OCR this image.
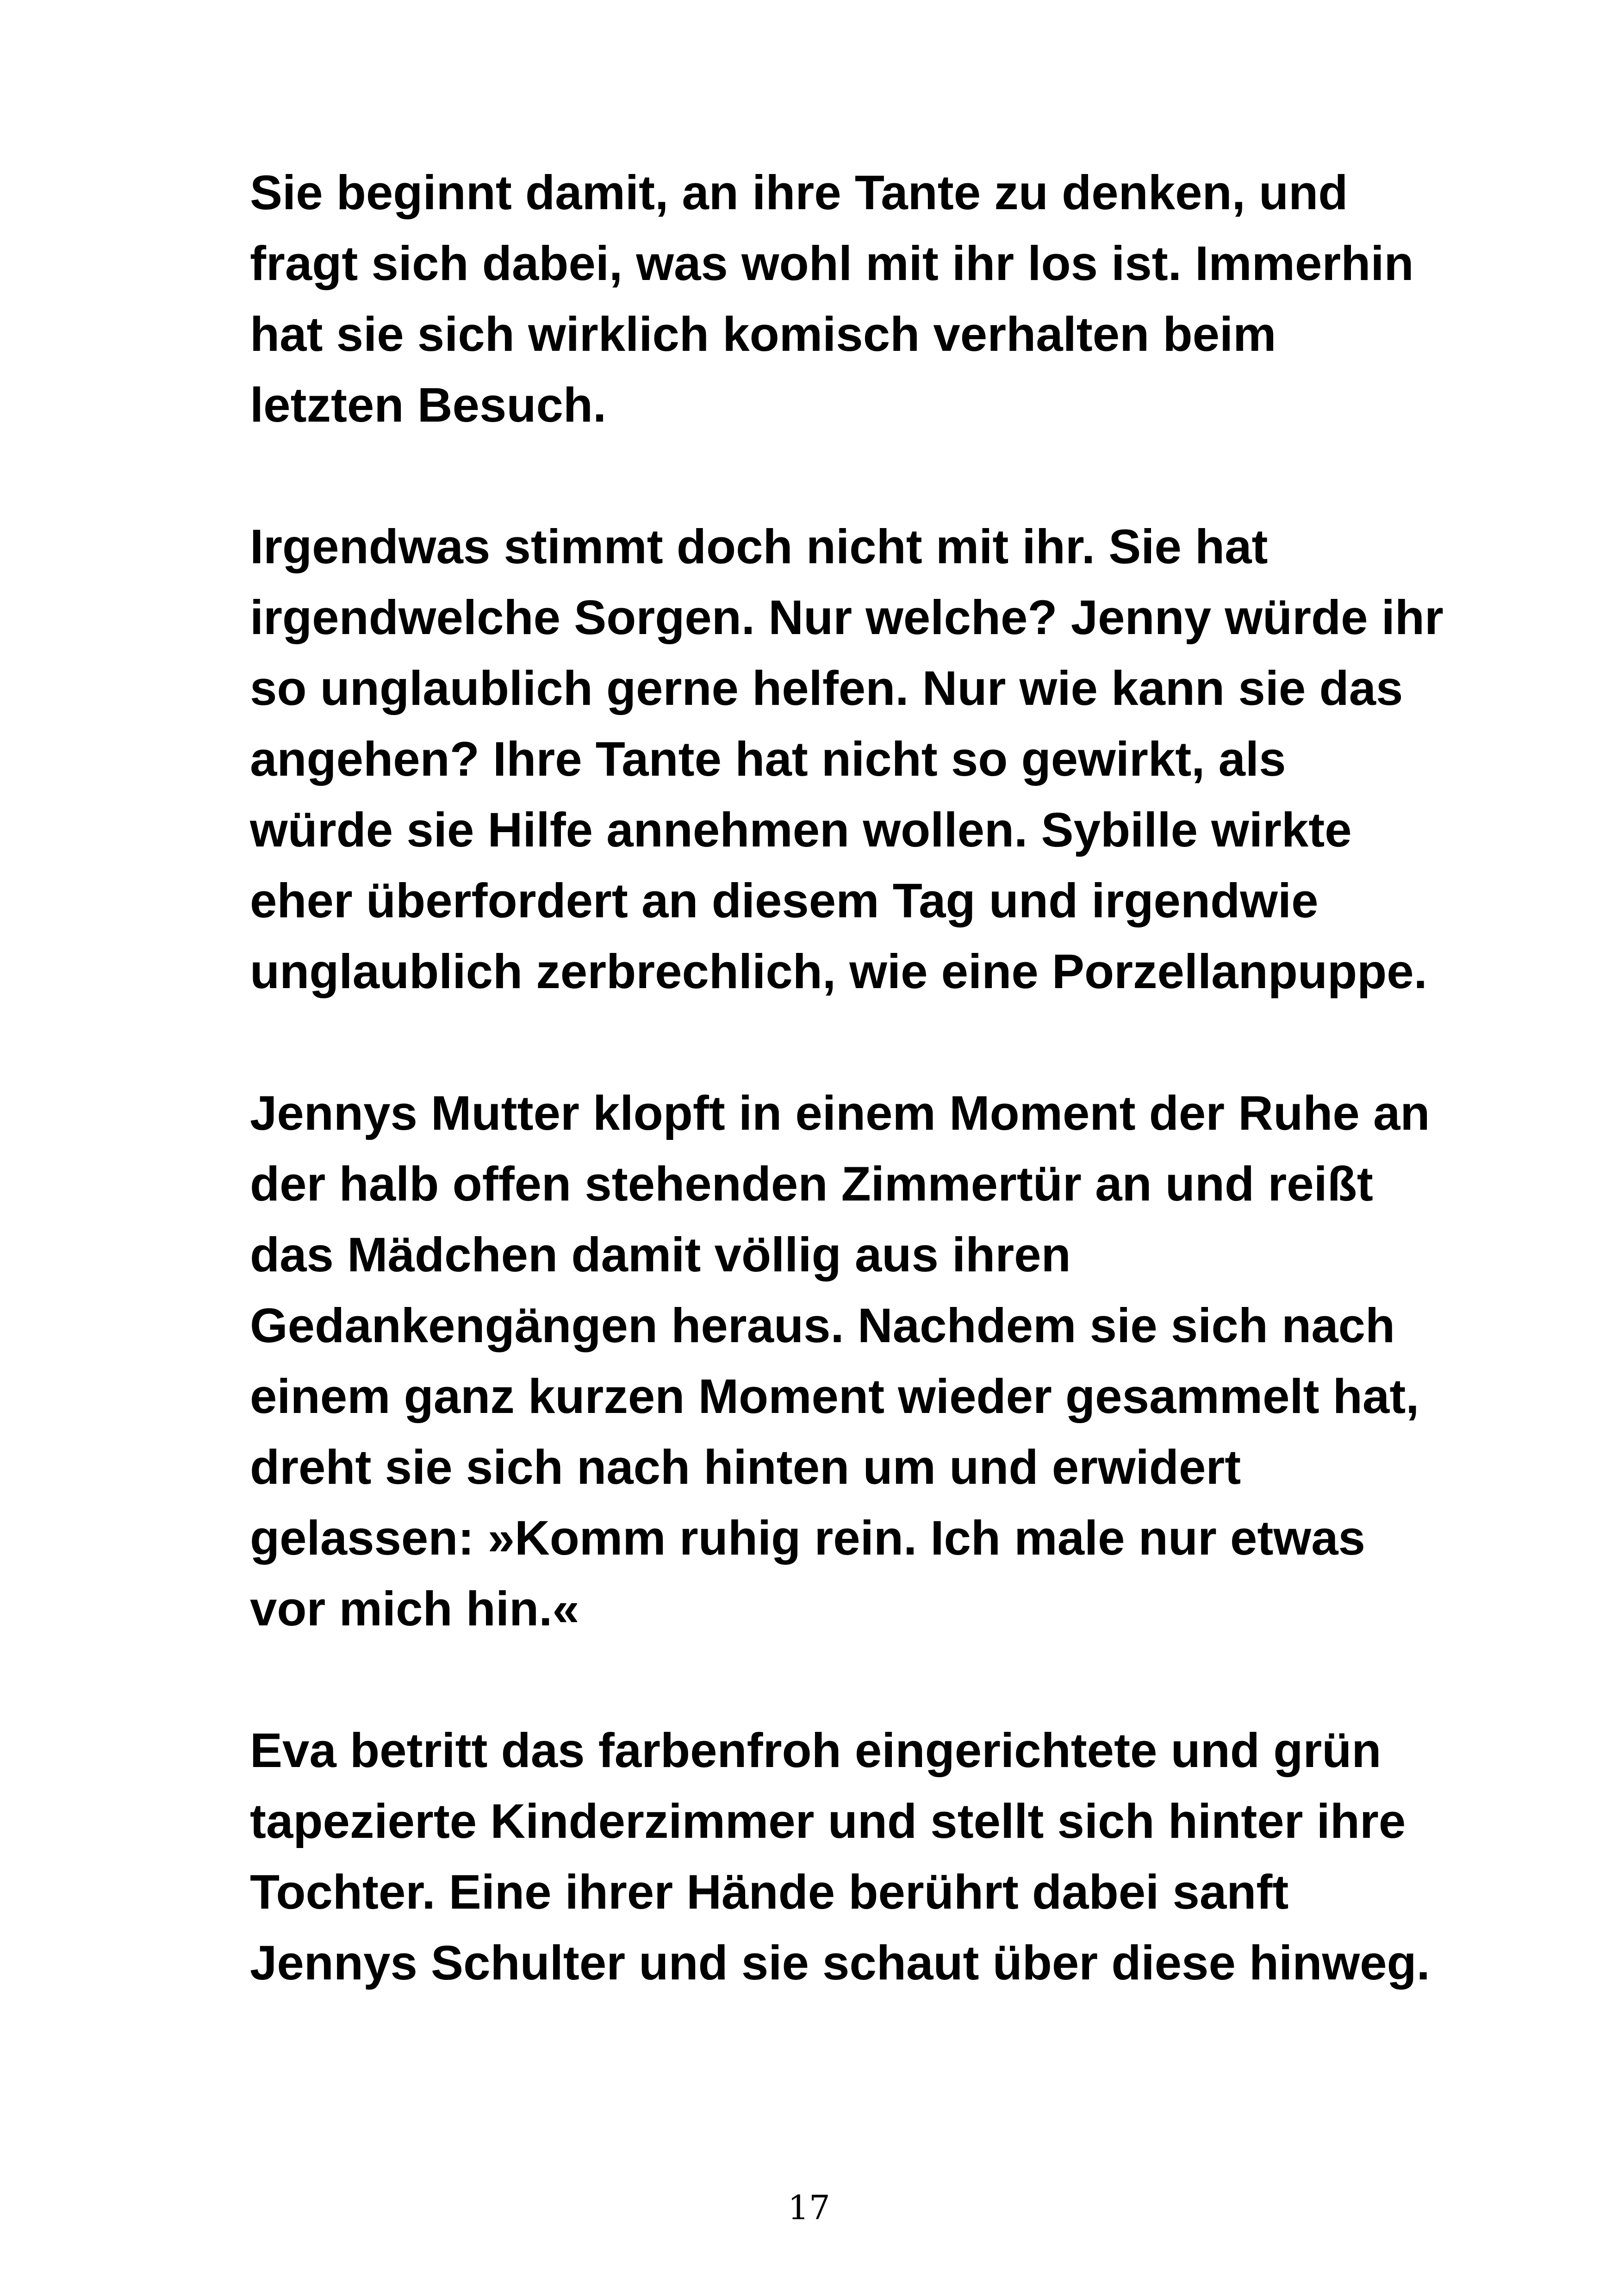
Sie beginnt damit, an ihre Tante zu denken, und
fragt sich dabei, was wohl mit ihr los ist. Immerhin
hat sie sich wirklich komisch verhalten beim
letzten Besuch.

Irgendwas stimmt doch nicht mit ihr. Sie hat
irgendwelche Sorgen. Nur welche? Jenny würde ihr
so unglaublich gerne helfen. Nur wie kann sie das
angehen? Ihre Tante hat nicht so gewirkt, als
würde sie Hilfe annehmen wollen. Sybille wirkte
eher überfordert an diesem Tag und irgendwie
unglaublich zerbrechlich, wie eine Porzellanpuppe.

Jennys Mutter klopft in einem Moment der Ruhe an
der halb offen stehenden Zimmertür an und reißt
das Mädchen damit völlig aus ihren
Gedankengängen heraus. Nachdem sie sich nach
einem ganz kurzen Moment wieder gesammelt hat,
dreht sie sich nach hinten um und erwidert
gelassen: »Komm ruhig rein. Ich male nur etwas
vor mich hin.«

Eva betritt das farbenfroh eingerichtete und grün
tapezierte Kinderzimmer und stellt sich hinter ihre
Tochter. Eine ihrer Hände berührt dabei sanft
Jennys Schulter und sie schaut über diese hinweg.

17
